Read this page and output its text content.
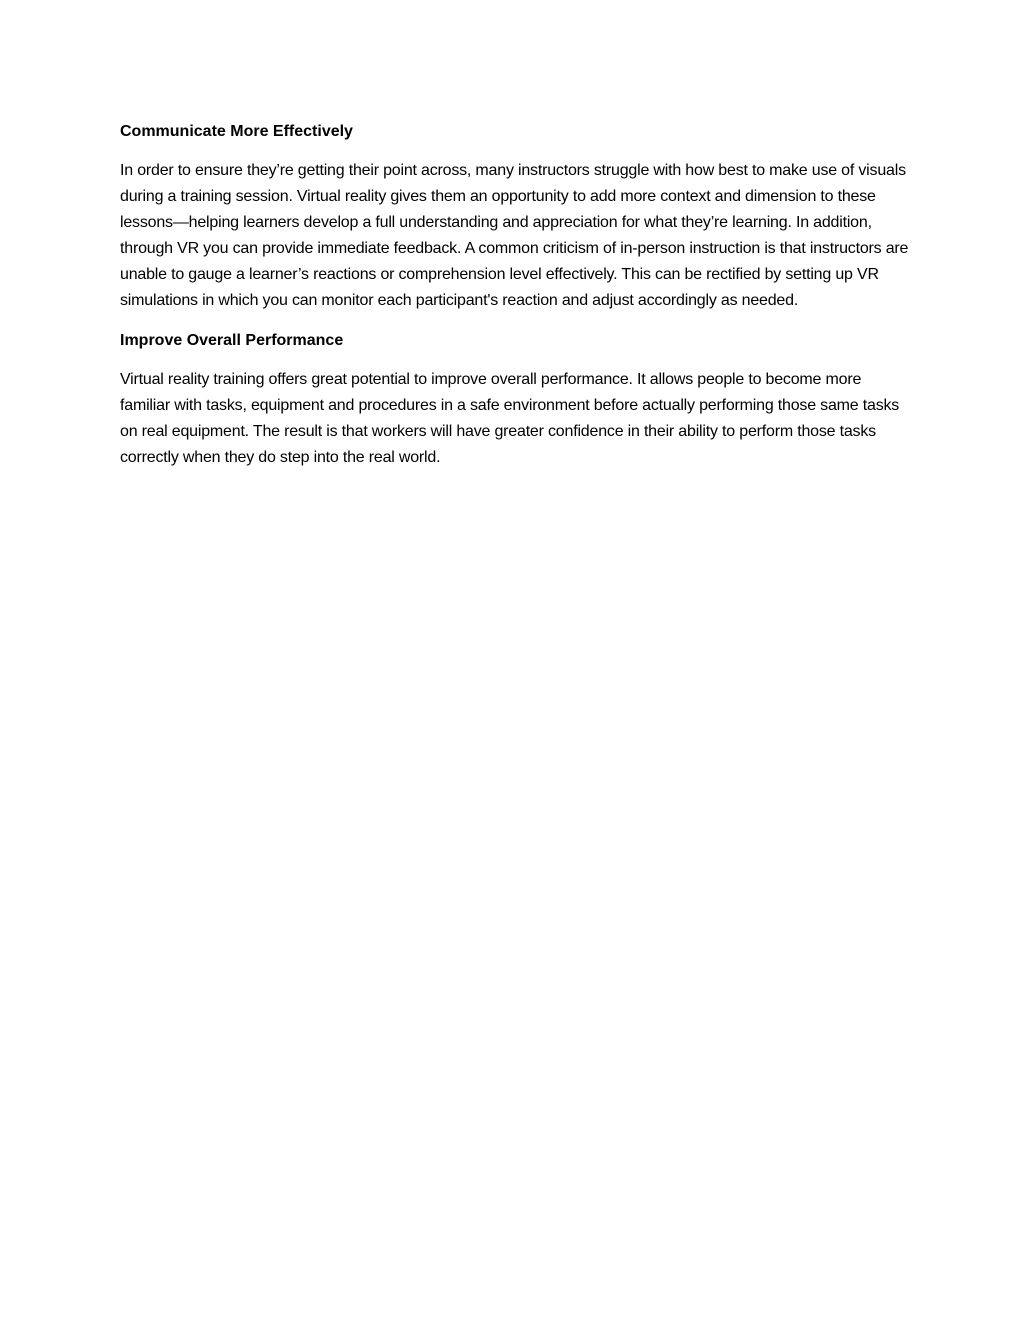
Communicate More Effectively

In order to ensure they’re getting their point across, many instructors struggle with how best to make use of visuals during a training session. Virtual reality gives them an opportunity to add more context and dimension to these lessons—helping learners develop a full understanding and appreciation for what they’re learning. In addition, through VR you can provide immediate feedback. A common criticism of in-person instruction is that instructors are unable to gauge a learner’s reactions or comprehension level effectively. This can be rectified by setting up VR simulations in which you can monitor each participant's reaction and adjust accordingly as needed.

Improve Overall Performance

Virtual reality training offers great potential to improve overall performance. It allows people to become more familiar with tasks, equipment and procedures in a safe environment before actually performing those same tasks on real equipment. The result is that workers will have greater confidence in their ability to perform those tasks correctly when they do step into the real world.
